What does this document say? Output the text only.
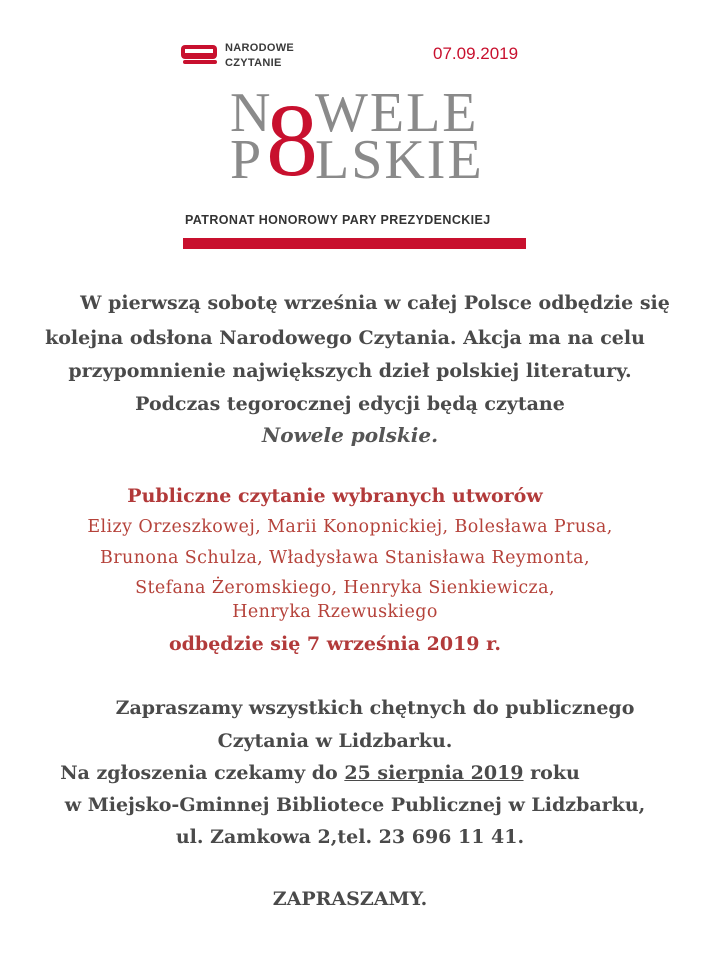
NARODOWE
CZYTANIE	07.09.2019
N WELE
P LSKIE
8
PATRONAT HONOROWY PARY PREZYDENCKIEJ
W pierwszą sobotę września w całej Polsce odbędzie się
kolejna odsłona Narodowego Czytania. Akcja ma na celu
przypomnienie największych dzieł polskiej literatury.
Podczas tegorocznej edycji będą czytane
Nowele polskie.
Publiczne czytanie wybranych utworów
Elizy Orzeszkowej, Marii Konopnickiej, Bolesława Prusa,
Brunona Schulza, Władysława Stanisława Reymonta,
Stefana Żeromskiego, Henryka Sienkiewicza,
Henryka Rzewuskiego
odbędzie się 7 września 2019 r.
Zapraszamy wszystkich chętnych do publicznego
Czytania w Lidzbarku.
Na zgłoszenia czekamy do 25 sierpnia 2019 roku
w Miejsko-Gminnej Bibliotece Publicznej w Lidzbarku,
ul. Zamkowa 2,tel. 23 696 11 41.
ZAPRASZAMY.
